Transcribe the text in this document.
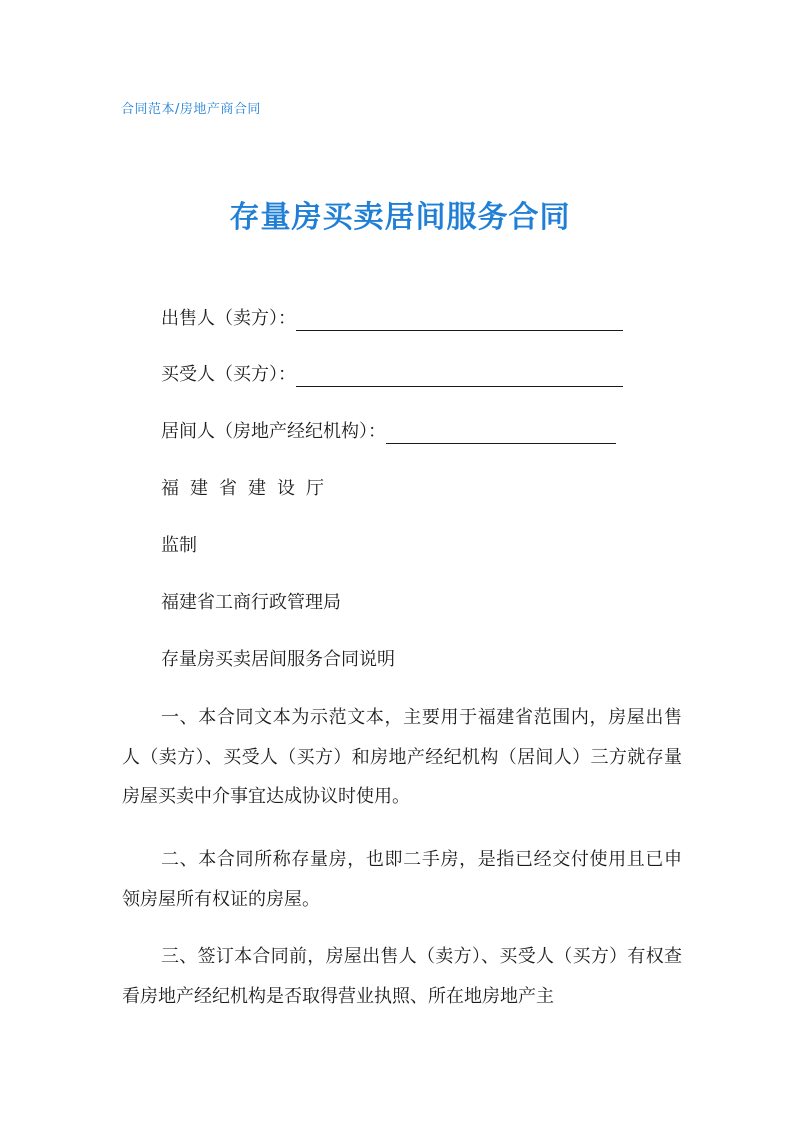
合同范本/房地产商合同
存量房买卖居间服务合同
出售人（卖方）：
买受人（买方）：
居间人（房地产经纪机构）：
福建省建设厅
监制
福建省工商行政管理局
存量房买卖居间服务合同说明
一、本合同文本为示范文本，主要用于福建省范围内，房屋出售人（卖方）、买受人（买方）和房地产经纪机构（居间人）三方就存量房屋买卖中介事宜达成协议时使用。
二、本合同所称存量房，也即二手房，是指已经交付使用且已申领房屋所有权证的房屋。
三、签订本合同前，房屋出售人（卖方）、买受人（买方）有权查看房地产经纪机构是否取得营业执照、所在地房地产主
